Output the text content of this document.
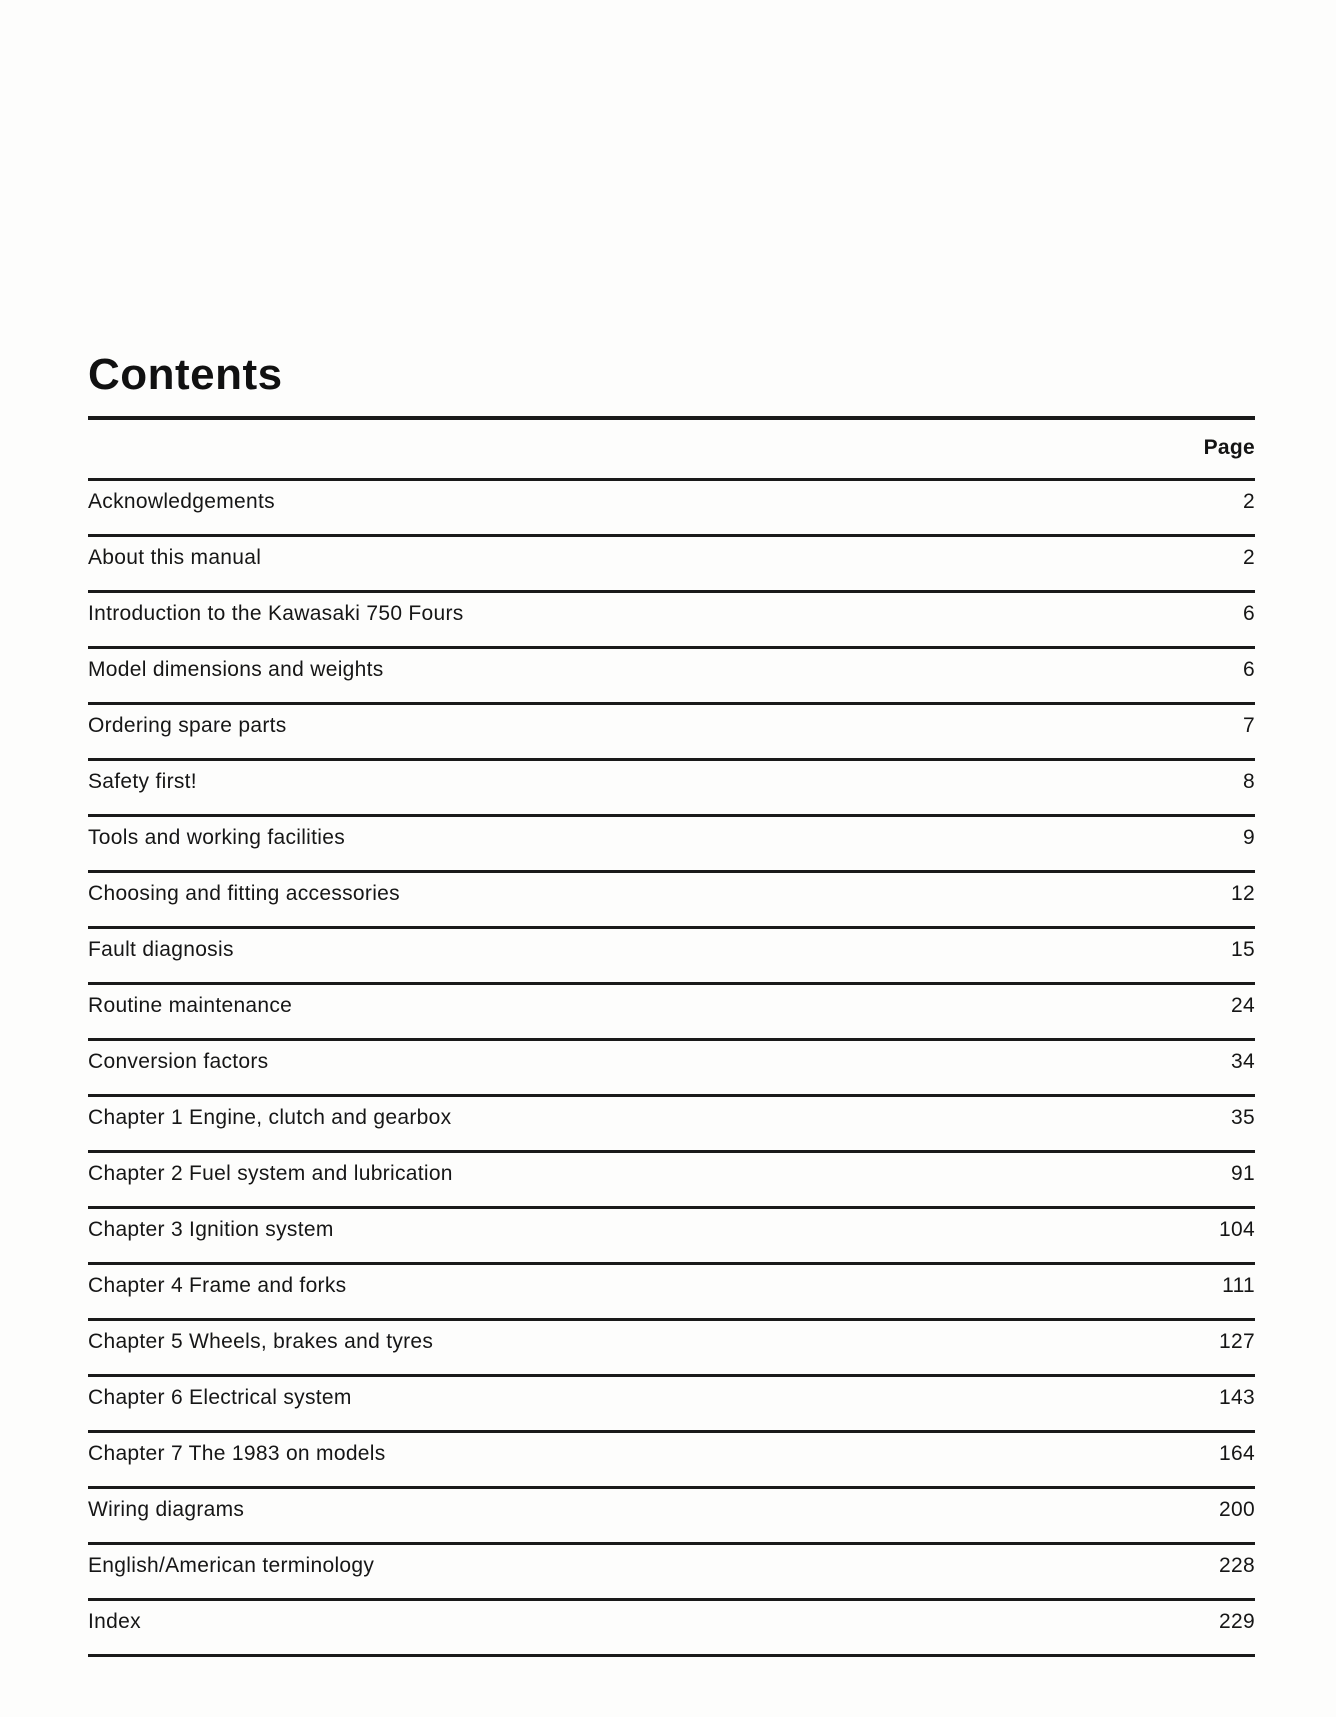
Contents
Page
Acknowledgements	2
About this manual	2
Introduction to the Kawasaki 750 Fours	6
Model dimensions and weights	6
Ordering spare parts	7
Safety first!	8
Tools and working facilities	9
Choosing and fitting accessories	12
Fault diagnosis	15
Routine maintenance	24
Conversion factors	34
Chapter 1 Engine, clutch and gearbox	35
Chapter 2 Fuel system and lubrication	91
Chapter 3 Ignition system	104
Chapter 4 Frame and forks	111
Chapter 5 Wheels, brakes and tyres	127
Chapter 6 Electrical system	143
Chapter 7 The 1983 on models	164
Wiring diagrams	200
English/American terminology	228
Index	229
